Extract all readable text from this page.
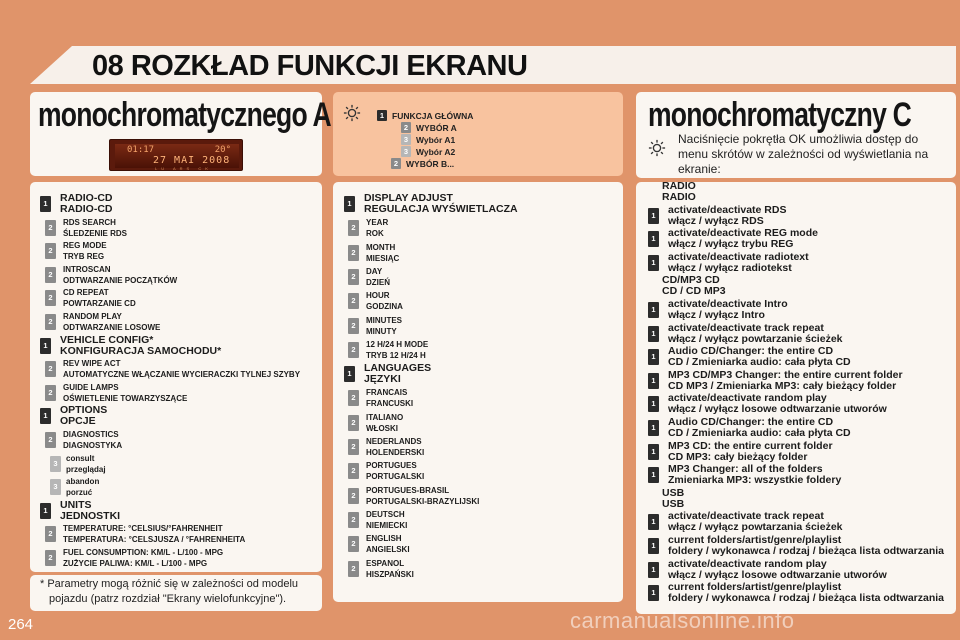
08 ROZKŁAD FUNKCJI EKRANU
monochromatycznego A	monochromatyczny C
01:17	20°
27 MAI 2008
LU ARS CK
Naciśnięcie pokrętła OK umożliwia dostęp do menu skrótów w zależności od wyświetlania na ekranie:
1 FUNKCJA GŁÓWNA
2 WYBÓR A
3 Wybór A1
3 Wybór A2
2 WYBÓR B...
1	RADIO-CD
RADIO-CD
2
RDS SEARCH
ŚLEDZENIE RDS
2
REG MODE
TRYB REG
2
INTROSCAN
ODTWARZANIE POCZĄTKÓW
2
CD REPEAT
POWTARZANIE CD
2
RANDOM PLAY
ODTWARZANIE LOSOWE
1	VEHICLE CONFIG*
KONFIGURACJA SAMOCHODU*
2
REV WIPE ACT
AUTOMATYCZNE WŁĄCZANIE WYCIERACZKI TYLNEJ SZYBY
2
GUIDE LAMPS
OŚWIETLENIE TOWARZYSZĄCE
1	OPTIONS
OPCJE
2
DIAGNOSTICS
DIAGNOSTYKA
3
consult
przeglądaj
3
abandon
porzuć
1	UNITS
JEDNOSTKI
2
TEMPERATURE: °CELSIUS/°FAHRENHEIT
TEMPERATURA: °CELSJUSZA / °FAHRENHEITA
2
FUEL CONSUMPTION: KM/L - L/100 - MPG
ZUŻYCIE PALIWA: KM/L - L/100 - MPG
1	DISPLAY ADJUST
REGULACJA WYŚWIETLACZA
2
YEAR
ROK
2
MONTH
MIESIĄC
2
DAY
DZIEŃ
2
HOUR
GODZINA
2
MINUTES
MINUTY
2
12 H/24 H MODE
TRYB 12 H/24 H
1	LANGUAGES
JĘZYKI
2
FRANCAIS
FRANCUSKI
2
ITALIANO
WŁOSKI
2
NEDERLANDS
HOLENDERSKI
2
PORTUGUES
PORTUGALSKI
2
PORTUGUES-BRASIL
PORTUGALSKI-BRAZYLIJSKI
2
DEUTSCH
NIEMIECKI
2
ENGLISH
ANGIELSKI
2
ESPANOL
HISZPAŃSKI
RADIO
RADIO
1	activate/deactivate RDS
włącz / wyłącz RDS
1	activate/deactivate REG mode
włącz / wyłącz trybu REG
1	activate/deactivate radiotext
włącz / wyłącz radiotekst
CD/MP3 CD
CD / CD MP3
1	activate/deactivate Intro
włącz / wyłącz Intro
1	activate/deactivate track repeat
włącz / wyłącz powtarzanie ścieżek
1	Audio CD/Changer: the entire CD
CD / Zmieniarka audio: cała płyta CD
1	MP3 CD/MP3 Changer: the entire current folder
CD MP3 / Zmieniarka MP3: cały bieżący folder
1	activate/deactivate random play
włącz / wyłącz losowe odtwarzanie utworów
1	Audio CD/Changer: the entire CD
CD / Zmieniarka audio: cała płyta CD
1	MP3 CD: the entire current folder
CD MP3: cały bieżący folder
1	MP3 Changer: all of the folders
Zmieniarka MP3: wszystkie foldery
USB
USB
1	activate/deactivate track repeat
włącz / wyłącz powtarzania ścieżek
1	current folders/artist/genre/playlist
foldery / wykonawca / rodzaj / bieżąca lista odtwarzania
1	activate/deactivate random play
włącz / wyłącz losowe odtwarzanie utworów
1	current folders/artist/genre/playlist
foldery / wykonawca / rodzaj / bieżąca lista odtwarzania
* Parametry mogą różnić się w zależności od modelu
pojazdu (patrz rozdział "Ekrany wielofunkcyjne").
264	carmanualsonline.info
